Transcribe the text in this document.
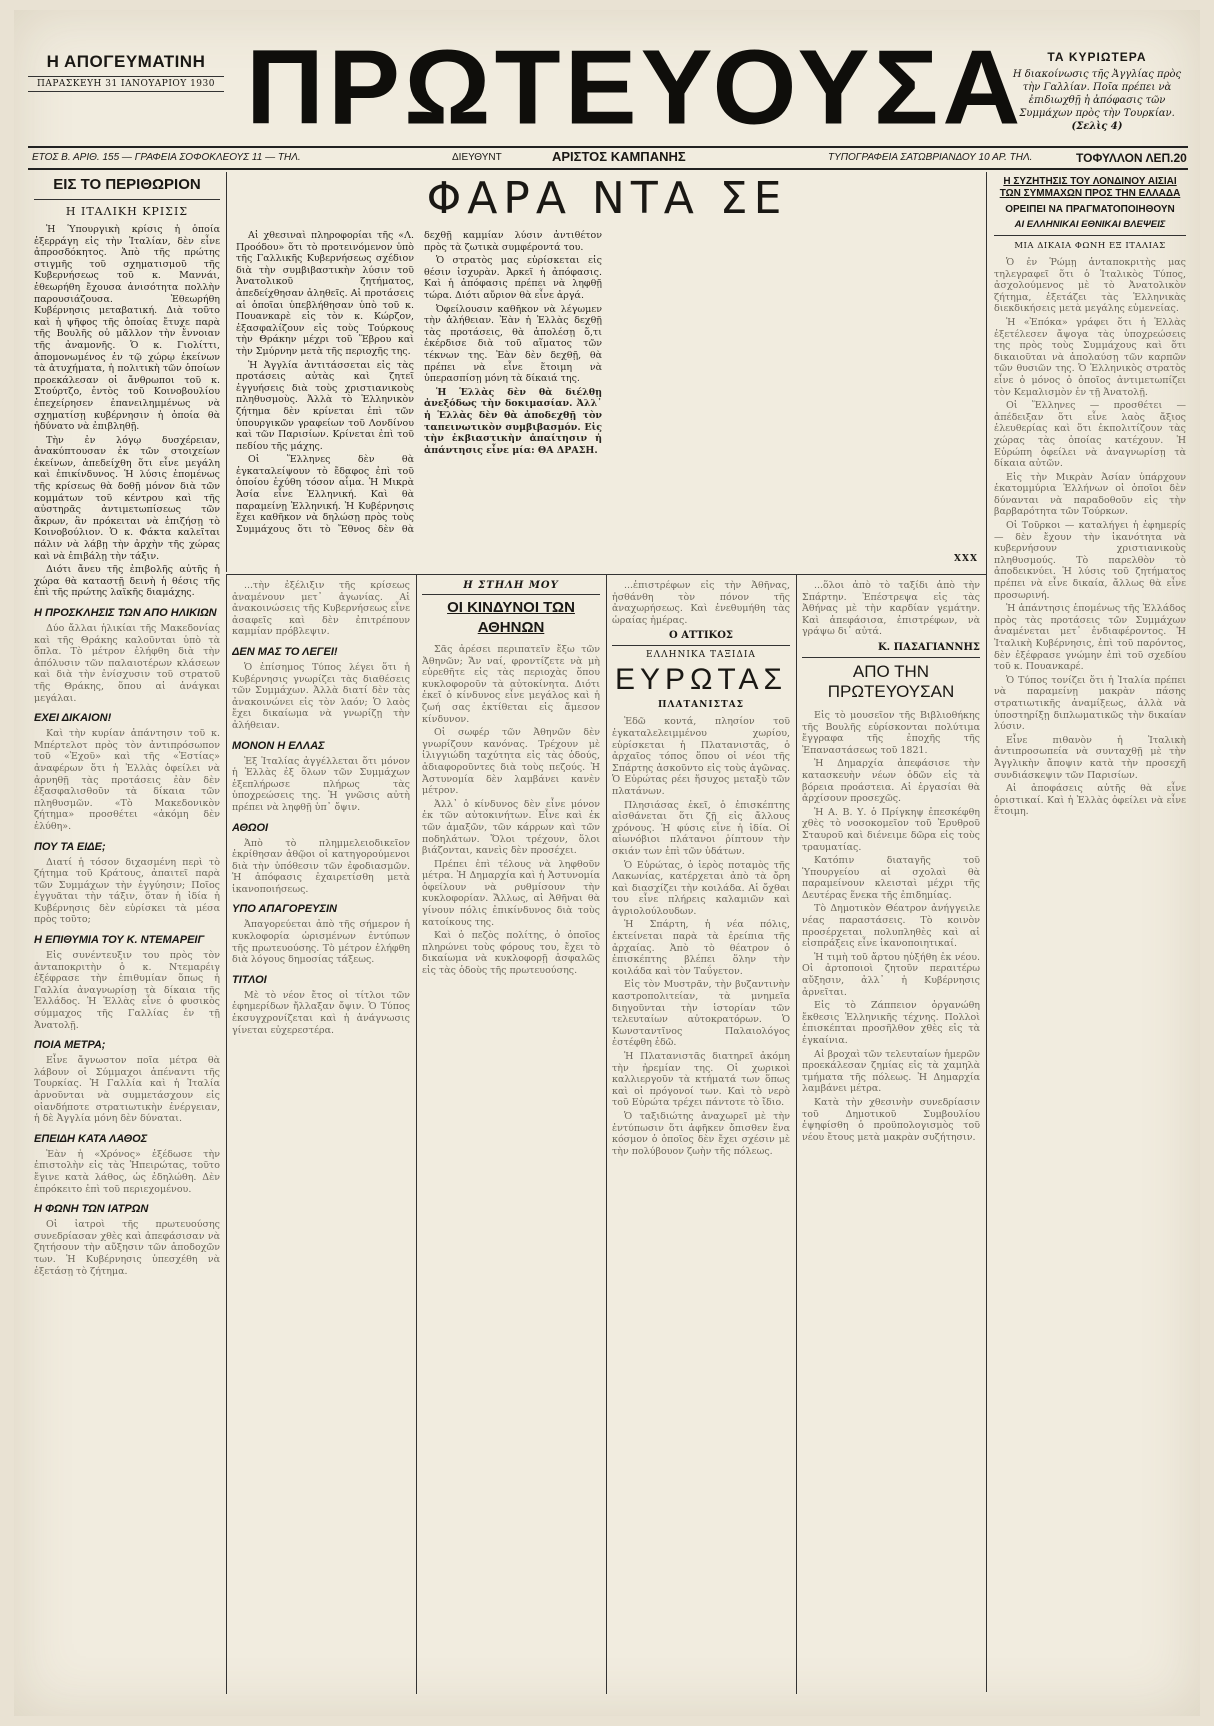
Η ΑΠΟΓΕΥΜΑΤΙΝΗ
ΠΑΡΑΣΚΕΥΗ 31 ΙΑΝΟΥΑΡΙΟΥ 1930 ΠΡΩΤΕΥΟΥΣΑ	ΤΑ ΚΥΡΙΩΤΕΡΑ
Η διακοίνωσις τῆς Ἀγγλίας πρὸς τὴν Γαλλίαν. Ποῖα πρέπει νὰ ἐπιδιωχθῇ ἡ ἀπόφασις τῶν Συμμάχων πρὸς τὴν Τουρκίαν. (Σελὶς 4)
ΕΤΟΣ Β. ΑΡΙΘ. 155 — ΓΡΑΦΕΙΑ ΣΟΦΟΚΛΕΟΥΣ 11 — ΤΗΛ.	ΔΙΕΥΘΥΝΤ	ΑΡΙΣΤΟΣ ΚΑΜΠΑΝΗΣ	ΤΥΠΟΓΡΑΦΕΙΑ ΣΑΤΩΒΡΙΑΝΔΟΥ 10 ΑΡ. ΤΗΛ.	ΤΟΦΥΛΛΟΝ ΛΕΠ.20
ΕΙΣ ΤΟ ΠΕΡΙΘΩΡΙΟΝ
Η ΙΤΑΛΙΚΗ ΚΡΙΣΙΣ

Ἡ Ὑπουργικὴ κρίσις ἡ ὁποία ἐξερράγη εἰς τὴν Ἰταλίαν, δὲν εἶνε ἀπροσδόκητος. Ἀπὸ τῆς πρώτης στιγμῆς τοῦ σχηματισμοῦ τῆς Κυβερνήσεως τοῦ κ. Μαννάι, ἐθεωρήθη ἔχουσα ἀνισότητα πολλὴν παρουσιάζουσα. Ἐθεωρήθη Κυβέρνησις μεταβατική. Διὰ τοῦτο καὶ ἡ ψῆφος τῆς ὁποίας ἔτυχε παρὰ τῆς Βουλῆς οὐ μᾶλλον τὴν ἔννοιαν τῆς ἀναμονῆς. Ὁ κ. Γιολίττι, ἀπομονωμένος ἐν τῷ χώρῳ ἐκείνων τὰ ἀτυχήματα, ἡ πολιτικὴ τῶν ὁποίων προεκάλεσαν οἱ ἄνθρωποι τοῦ κ. Στούρτζο, ἐντὸς τοῦ Κοινοβουλίου ἐπεχείρησεν ἐπανειλημμένως νὰ σχηματίσῃ κυβέρνησιν ἡ ὁποία θὰ ἠδύνατο νὰ ἐπιβληθῇ.

Τὴν ἐν λόγῳ δυσχέρειαν, ἀνακύπτουσαν ἐκ τῶν στοιχείων ἐκείνων, ἀπεδείχθη ὅτι εἶνε μεγάλη καὶ ἐπικίνδυνος. Ἡ λύσις ἑπομένως τῆς κρίσεως θὰ δοθῇ μόνον διὰ τῶν κομμάτων τοῦ κέντρου καὶ τῆς αὐστηρᾶς ἀντιμετωπίσεως τῶν ἄκρων, ἂν πρόκειται νὰ ἐπιζήσῃ τὸ Κοινοβούλιον. Ὁ κ. Φάκτα καλεῖται πάλιν νὰ λάβῃ τὴν ἀρχὴν τῆς χώρας καὶ νὰ ἐπιβάλῃ τὴν τάξιν.

Διότι ἄνευ τῆς ἐπιβολῆς αὐτῆς ἡ χώρα θὰ καταστῇ δεινὴ ἡ θέσις τῆς ἐπὶ τῆς πρώτης λαϊκῆς διαμάχης.

Η ΠΡΟΣΚΛΗΣΙΣ ΤΩΝ ΑΠΟ ΗΛΙΚΙΩΝ

Δύο ἄλλαι ἡλικίαι τῆς Μακεδονίας καὶ τῆς Θράκης καλοῦνται ὑπὸ τὰ ὅπλα. Τὸ μέτρον ἐλήφθη διὰ τὴν ἀπόλυσιν τῶν παλαιοτέρων κλάσεων καὶ διὰ τὴν ἐνίσχυσιν τοῦ στρατοῦ τῆς Θράκης, ὅπου αἱ ἀνάγκαι μεγάλαι.

ΕΧΕΙ ΔΙΚΑΙΟΝ!

Καὶ τὴν κυρίαν ἀπάντησιν τοῦ κ. Μπέρτελοτ πρὸς τὸν ἀντιπρόσωπον τοῦ «Ἐχοῦ» καὶ τῆς «Ἐστίας» ἀναφέρων ὅτι ἡ Ἑλλὰς ὀφείλει νὰ ἀρνηθῇ τὰς προτάσεις ἐὰν δὲν ἐξασφαλισθοῦν τὰ δίκαια τῶν πληθυσμῶν. «Τὸ Μακεδονικὸν ζήτημα» προσθέτει «ἀκόμη δὲν ἐλύθη».

ΠΟΥ ΤΑ ΕΙΔΕ;

Διατί ἡ τόσον διχασμένη περὶ τὸ ζήτημα τοῦ Κράτους, ἀπαιτεῖ παρὰ τῶν Συμμάχων τὴν ἐγγύησιν; Ποῖος ἐγγυᾶται τὴν τάξιν, ὅταν ἡ ἰδία ἡ Κυβέρνησις δὲν εὑρίσκει τὰ μέσα πρὸς τοῦτο;

Η ΕΠΙΘΥΜΙΑ ΤΟΥ Κ. ΝΤΕΜΑΡΕΙΓ

Εἰς συνέντευξιν του πρὸς τὸν ἀνταποκριτὴν ὁ κ. Ντεμαρέιγ ἐξέφρασε τὴν ἐπιθυμίαν ὅπως ἡ Γαλλία ἀναγνωρίσῃ τὰ δίκαια τῆς Ἑλλάδος. Ἡ Ἑλλὰς εἶνε ὁ φυσικὸς σύμμαχος τῆς Γαλλίας ἐν τῇ Ἀνατολῇ.

ΠΟΙΑ ΜΕΤΡΑ;

Εἶνε ἄγνωστον ποῖα μέτρα θὰ λάβουν οἱ Σύμμαχοι ἀπέναντι τῆς Τουρκίας. Ἡ Γαλλία καὶ ἡ Ἰταλία ἀρνοῦνται νὰ συμμετάσχουν εἰς οἱανδήποτε στρατιωτικὴν ἐνέργειαν, ἡ δὲ Ἀγγλία μόνη δὲν δύναται.

ΕΠΕΙΔΗ ΚΑΤΑ ΛΑΘΟΣ

Ἐὰν ἡ «Χρόνος» ἐξέδωσε τὴν ἐπιστολὴν εἰς τὰς Ἡπειρώτας, τοῦτο ἔγινε κατὰ λάθος, ὡς ἐδηλώθη. Δὲν ἐπρόκειτο ἐπὶ τοῦ περιεχομένου.

Η ΦΩΝΗ ΤΩΝ ΙΑΤΡΩΝ

Οἱ ἰατροὶ τῆς πρωτευούσης συνεδρίασαν χθὲς καὶ ἀπεφάσισαν νὰ ζητήσουν τὴν αὔξησιν τῶν ἀποδοχῶν των. Ἡ Κυβέρνησις ὑπεσχέθη νὰ ἐξετάσῃ τὸ ζήτημα.

ΦΑΡΑ ΝΤΑ ΣΕ

Αἱ χθεσιναὶ πληροφορίαι τῆς «Λ. Προόδου» ὅτι τὸ προτεινόμενον ὑπὸ τῆς Γαλλικῆς Κυβερνήσεως σχέδιον διὰ τὴν συμβιβαστικὴν λύσιν τοῦ Ἀνατολικοῦ ζητήματος, ἀπεδείχθησαν ἀληθεῖς. Αἱ προτάσεις αἱ ὁποῖαι ὑπεβλήθησαν ὑπὸ τοῦ κ. Πουανκαρὲ εἰς τὸν κ. Κώρζον, ἐξασφαλίζουν εἰς τοὺς Τούρκους τὴν Θράκην μέχρι τοῦ Ἕβρου καὶ τὴν Σμύρνην μετὰ τῆς περιοχῆς της.

Ἡ Ἀγγλία ἀντιτάσσεται εἰς τὰς προτάσεις αὐτὰς καὶ ζητεῖ ἐγγυήσεις διὰ τοὺς χριστιανικοὺς πληθυσμοὺς. Ἀλλὰ τὸ Ἑλληνικὸν ζήτημα δὲν κρίνεται ἐπὶ τῶν ὑπουργικῶν γραφείων τοῦ Λονδίνου καὶ τῶν Παρισίων. Κρίνεται ἐπὶ τοῦ πεδίου τῆς μάχης.

Οἱ Ἕλληνες δὲν θὰ ἐγκαταλείψουν τὸ ἔδαφος ἐπὶ τοῦ ὁποίου ἐχύθη τόσον αἷμα. Ἡ Μικρὰ Ἀσία εἶνε Ἑλληνική. Καὶ θὰ παραμείνῃ Ἑλληνική. Ἡ Κυβέρνησις ἔχει καθῆκον νὰ δηλώσῃ πρὸς τοὺς Συμμάχους ὅτι τὸ Ἔθνος δὲν θὰ δεχθῇ καμμίαν λύσιν ἀντιθέτον πρὸς τὰ ζωτικὰ συμφέροντά του.

Ὁ στρατὸς μας εὑρίσκεται εἰς θέσιν ἰσχυρὰν. Ἀρκεῖ ἡ ἀπόφασις. Καὶ ἡ ἀπόφασις πρέπει νὰ ληφθῇ τώρα. Διότι αὔριον θὰ εἶνε ἀργά.

Ὀφείλουσιν καθῆκον νὰ λέγωμεν τὴν ἀλήθειαν. Ἐὰν ἡ Ἑλλὰς δεχθῇ τὰς προτάσεις, θὰ ἀπολέσῃ ὅ,τι ἐκέρδισε διὰ τοῦ αἵματος τῶν τέκνων της. Ἐὰν δὲν δεχθῇ, θὰ πρέπει νὰ εἶνε ἕτοιμη νὰ ὑπερασπίσῃ μόνη τὰ δίκαιά της.

Ἡ Ἑλλὰς δὲν θὰ διέλθῃ ἀνεξόδως τὴν δοκιμασίαν. Ἀλλ᾽ ἡ Ἑλλὰς δὲν θὰ ἀποδεχθῇ τὸν ταπεινωτικὸν συμβιβασμόν. Εἰς τὴν ἐκβιαστικὴν ἀπαίτησιν ἡ ἀπάντησις εἶνε μία: ΘΑ ΔΡΑΣΗ.

XXX
Η ΣΥΖΗΤΗΣΙΣ ΤΟΥ ΛΟΝΔΙΝΟΥ ΑΙΣΙΑΙ ΤΩΝ ΣΥΜΜΑΧΩΝ ΠΡΟΣ ΤΗΝ ΕΛΛΑΔΑ
ΟΡΕΙΠΕΙ ΝΑ ΠΡΑΓΜΑΤΟΠΟΙΗΘΟΥΝ
ΑΙ ΕΛΛΗΝΙΚΑΙ ΕΘΝΙΚΑΙ ΒΛΕΨΕΙΣ
ΜΙΑ ΔΙΚΑΙΑ ΦΩΝΗ ΕΞ ΙΤΑΛΙΑΣ

Ὁ ἐν Ῥώμῃ ἀνταποκριτὴς μας τηλεγραφεῖ ὅτι ὁ Ἰταλικὸς Τύπος, ἀσχολούμενος μὲ τὸ Ἀνατολικὸν ζήτημα, ἐξετάζει τὰς Ἑλληνικὰς διεκδικήσεις μετὰ μεγάλης εὐμενείας.

Ἡ «Ἐπόκα» γράφει ὅτι ἡ Ἑλλὰς ἐξετέλεσεν ἄψογα τὰς ὑποχρεώσεις της πρὸς τοὺς Συμμάχους καὶ ὅτι δικαιοῦται νὰ ἀπολαύσῃ τῶν καρπῶν τῶν θυσιῶν της. Ὁ Ἑλληνικὸς στρατὸς εἶνε ὁ μόνος ὁ ὁποῖος ἀντιμετωπίζει τὸν Κεμαλισμὸν ἐν τῇ Ἀνατολῇ.

Οἱ Ἕλληνες — προσθέτει — ἀπέδειξαν ὅτι εἶνε λαὸς ἄξιος ἐλευθερίας καὶ ὅτι ἐκπολιτίζουν τὰς χώρας τὰς ὁποίας κατέχουν. Ἡ Εὐρώπη ὀφείλει νὰ ἀναγνωρίσῃ τὰ δίκαια αὐτῶν.

Εἰς τὴν Μικρὰν Ἀσίαν ὑπάρχουν ἐκατομμύρια Ἑλλήνων οἱ ὁποῖοι δὲν δύνανται νὰ παραδοθοῦν εἰς τὴν βαρβαρότητα τῶν Τούρκων.

Οἱ Τοῦρκοι — καταλήγει ἡ ἐφημερίς — δὲν ἔχουν τὴν ἱκανότητα νὰ κυβερνήσουν χριστιανικοὺς πληθυσμούς. Τὸ παρελθὸν τὸ ἀποδεικνύει. Ἡ λύσις τοῦ ζητήματος πρέπει νὰ εἶνε δικαία, ἄλλως θὰ εἶνε προσωρινή.

Ἡ ἀπάντησις ἑπομένως τῆς Ἑλλάδος πρὸς τὰς προτάσεις τῶν Συμμάχων ἀναμένεται μετ᾽ ἐνδιαφέροντος. Ἡ Ἰταλικὴ Κυβέρνησις, ἐπὶ τοῦ παρόντος, δὲν ἐξέφρασε γνώμην ἐπὶ τοῦ σχεδίου τοῦ κ. Πουανκαρέ.

Ὁ Τύπος τονίζει ὅτι ἡ Ἰταλία πρέπει νὰ παραμείνῃ μακρὰν πάσης στρατιωτικῆς ἀναμίξεως, ἀλλὰ νὰ ὑποστηρίξῃ διπλωματικῶς τὴν δικαίαν λύσιν.

Εἶνε πιθανὸν ἡ Ἰταλικὴ ἀντιπροσωπεία νὰ συνταχθῇ μὲ τὴν Ἀγγλικὴν ἄποψιν κατὰ τὴν προσεχῆ συνδιάσκεψιν τῶν Παρισίων.

Αἱ ἀποφάσεις αὐτῆς θὰ εἶνε ὁριστικαί. Καὶ ἡ Ἑλλὰς ὀφείλει νὰ εἶνε ἕτοιμη.

...τὴν ἐξέλιξιν τῆς κρίσεως ἀναμένουν μετ᾽ ἀγωνίας. Αἱ ἀνακοινώσεις τῆς Κυβερνήσεως εἶνε ἀσαφεῖς καὶ δὲν ἐπιτρέπουν καμμίαν πρόβλεψιν.

ΔΕΝ ΜΑΣ ΤΟ ΛΕΓΕΙ!

Ὁ ἐπίσημος Τύπος λέγει ὅτι ἡ Κυβέρνησις γνωρίζει τὰς διαθέσεις τῶν Συμμάχων. Ἀλλὰ διατί δὲν τὰς ἀνακοινώνει εἰς τὸν λαόν; Ὁ λαὸς ἔχει δικαίωμα νὰ γνωρίζῃ τὴν ἀλήθειαν.

ΜΟΝΟΝ Η ΕΛΛΑΣ

Ἐξ Ἰταλίας ἀγγέλλεται ὅτι μόνον ἡ Ἑλλὰς ἐξ ὅλων τῶν Συμμάχων ἐξεπλήρωσε πλήρως τὰς ὑποχρεώσεις της. Ἡ γνῶσις αὐτὴ πρέπει νὰ ληφθῇ ὑπ᾽ ὄψιν.

ΑΘΩΟΙ

Ἀπὸ τὸ πλημμελειοδικεῖον ἐκρίθησαν ἀθῷοι οἱ κατηγορούμενοι διὰ τὴν ὑπόθεσιν τῶν ἐφοδιασμῶν. Ἡ ἀπόφασις ἐχαιρετίσθη μετὰ ἱκανοποιήσεως.

ΥΠΟ ΑΠΑΓΟΡΕΥΣΙΝ

Ἀπαγορεύεται ἀπὸ τῆς σήμερον ἡ κυκλοφορία ὡρισμένων ἐντύπων τῆς πρωτευούσης. Τὸ μέτρον ἐλήφθη διὰ λόγους δημοσίας τάξεως.

ΤΙΤΛΟΙ

Μὲ τὸ νέον ἔτος οἱ τίτλοι τῶν ἐφημερίδων ἤλλαξαν ὄψιν. Ὁ Τύπος ἐκσυγχρονίζεται καὶ ἡ ἀνάγνωσις γίνεται εὐχερεστέρα.

Η ΣΤΗΛΗ ΜΟΥ
ΟΙ ΚΙΝΔΥΝΟΙ ΤΩΝ ΑΘΗΝΩΝ

Σᾶς ἀρέσει περιπατεῖν ἔξω τῶν Ἀθηνῶν; Ἄν ναί, φροντίζετε νὰ μὴ εὑρεθῆτε εἰς τὰς περιοχὰς ὅπου κυκλοφοροῦν τὰ αὐτοκίνητα. Διότι ἐκεῖ ὁ κίνδυνος εἶνε μεγάλος καὶ ἡ ζωή σας ἐκτίθεται εἰς ἄμεσον κίνδυνον.

Οἱ σωφέρ τῶν Ἀθηνῶν δὲν γνωρίζουν κανόνας. Τρέχουν μὲ ἰλιγγιώδη ταχύτητα εἰς τὰς ὁδούς, ἀδιαφοροῦντες διὰ τοὺς πεζούς. Ἡ Ἀστυνομία δὲν λαμβάνει κανὲν μέτρον.

Ἀλλ᾽ ὁ κίνδυνος δὲν εἶνε μόνον ἐκ τῶν αὐτοκινήτων. Εἶνε καὶ ἐκ τῶν ἁμαξῶν, τῶν κάρρων καὶ τῶν ποδηλάτων. Ὅλοι τρέχουν, ὅλοι βιάζονται, κανεὶς δὲν προσέχει.

Πρέπει ἐπὶ τέλους νὰ ληφθοῦν μέτρα. Ἡ Δημαρχία καὶ ἡ Ἀστυνομία ὀφείλουν νὰ ρυθμίσουν τὴν κυκλοφορίαν. Ἄλλως, αἱ Ἀθῆναι θὰ γίνουν πόλις ἐπικίνδυνος διὰ τοὺς κατοίκους της.

Καὶ ὁ πεζὸς πολίτης, ὁ ὁποῖος πληρώνει τοὺς φόρους του, ἔχει τὸ δικαίωμα νὰ κυκλοφορῇ ἀσφαλῶς εἰς τὰς ὁδοὺς τῆς πρωτευούσης.

...ἐπιστρέφων εἰς τὴν Ἀθῆνας, ἠσθάνθη τὸν πόνον τῆς ἀναχωρήσεως. Καὶ ἐνεθυμήθη τὰς ὡραίας ἡμέρας.

Ο ΑΤΤΙΚΟΣ
ΕΛΛΗΝΙΚΑ ΤΑΞΙΔΙΑ
ΕΥΡΩΤΑΣ
ΠΛΑΤΑΝΙΣΤΑΣ

Ἐδῶ κοντά, πλησίον τοῦ ἐγκαταλελειμμένου χωρίου, εὑρίσκεται ἡ Πλατανιστᾶς, ὁ ἀρχαῖος τόπος ὅπου οἱ νέοι τῆς Σπάρτης ἀσκοῦντο εἰς τοὺς ἀγῶνας. Ὁ Εὐρώτας ρέει ἥσυχος μεταξὺ τῶν πλατάνων.

Πλησιάσας ἐκεῖ, ὁ ἐπισκέπτης αἰσθάνεται ὅτι ζῇ εἰς ἄλλους χρόνους. Ἡ φύσις εἶνε ἡ ἰδία. Οἱ αἰωνόβιοι πλάτανοι ῥίπτουν τὴν σκιάν των ἐπὶ τῶν ὑδάτων.

Ὁ Εὐρώτας, ὁ ἱερὸς ποταμὸς τῆς Λακωνίας, κατέρχεται ἀπὸ τὰ ὄρη καὶ διασχίζει τὴν κοιλάδα. Αἱ ὄχθαι του εἶνε πλήρεις καλαμιῶν καὶ ἀγριολούλουδων.

Ἡ Σπάρτη, ἡ νέα πόλις, ἐκτείνεται παρὰ τὰ ἐρείπια τῆς ἀρχαίας. Ἀπὸ τὸ θέατρον ὁ ἐπισκέπτης βλέπει ὅλην τὴν κοιλάδα καὶ τὸν Ταΰγετον.

Εἰς τὸν Μυστρᾶν, τὴν βυζαντινὴν καστροπολιτείαν, τὰ μνημεῖα διηγοῦνται τὴν ἱστορίαν τῶν τελευταίων αὐτοκρατόρων. Ὁ Κωνσταντῖνος Παλαιολόγος ἐστέφθη ἐδῶ.

Ἡ Πλατανιστᾶς διατηρεῖ ἀκόμη τὴν ἠρεμίαν της. Οἱ χωρικοὶ καλλιεργοῦν τὰ κτήματά των ὅπως καὶ οἱ πρόγονοί των. Καὶ τὸ νερὸ τοῦ Εὐρώτα τρέχει πάντοτε τὸ ἴδιο.

Ὁ ταξιδιώτης ἀναχωρεῖ μὲ τὴν ἐντύπωσιν ὅτι ἀφῆκεν ὄπισθεν ἕνα κόσμον ὁ ὁποῖος δὲν ἔχει σχέσιν μὲ τὴν πολύβουον ζωὴν τῆς πόλεως.

...ὅλοι ἀπὸ τὸ ταξίδι ἀπὸ τὴν Σπάρτην. Ἐπέστρεψα εἰς τὰς Ἀθήνας μὲ τὴν καρδίαν γεμάτην. Καὶ ἀπεφάσισα, ἐπιστρέφων, νὰ γράψω δι᾽ αὐτά.

Κ. ΠΑΣΑΓΙΑΝΝΗΣ
ΑΠΟ ΤΗΝ ΠΡΩΤΕΥΟΥΣΑΝ

Εἰς τὸ μουσεῖον τῆς Βιβλιοθήκης τῆς Βουλῆς εὑρίσκονται πολύτιμα ἔγγραφα τῆς ἐποχῆς τῆς Ἐπαναστάσεως τοῦ 1821.

Ἡ Δημαρχία ἀπεφάσισε τὴν κατασκευὴν νέων ὁδῶν εἰς τὰ βόρεια προάστεια. Αἱ ἐργασίαι θὰ ἀρχίσουν προσεχῶς.

Ἡ Α. Β. Υ. ὁ Πρίγκηψ ἐπεσκέφθη χθὲς τὸ νοσοκομεῖον τοῦ Ἐρυθροῦ Σταυροῦ καὶ διένειμε δῶρα εἰς τοὺς τραυματίας.

Κατόπιν διαταγῆς τοῦ Ὑπουργείου αἱ σχολαὶ θὰ παραμείνουν κλεισταὶ μέχρι τῆς Δευτέρας ἕνεκα τῆς ἐπιδημίας.

Τὸ Δημοτικὸν Θέατρον ἀνήγγειλε νέας παραστάσεις. Τὸ κοινὸν προσέρχεται πολυπληθὲς καὶ αἱ εἰσπράξεις εἶνε ἱκανοποιητικαί.

Ἡ τιμὴ τοῦ ἄρτου ηὐξήθη ἐκ νέου. Οἱ ἀρτοποιοὶ ζητοῦν περαιτέρω αὔξησιν, ἀλλ᾽ ἡ Κυβέρνησις ἀρνεῖται.

Εἰς τὸ Ζάππειον ὀργανώθη ἔκθεσις Ἑλληνικῆς τέχνης. Πολλοὶ ἐπισκέπται προσῆλθον χθὲς εἰς τὰ ἐγκαίνια.

Αἱ βροχαὶ τῶν τελευταίων ἡμερῶν προεκάλεσαν ζημίας εἰς τὰ χαμηλὰ τμήματα τῆς πόλεως. Ἡ Δημαρχία λαμβάνει μέτρα.

Κατὰ τὴν χθεσινὴν συνεδρίασιν τοῦ Δημοτικοῦ Συμβουλίου ἐψηφίσθη ὁ προϋπολογισμὸς τοῦ νέου ἔτους μετὰ μακρὰν συζήτησιν.
